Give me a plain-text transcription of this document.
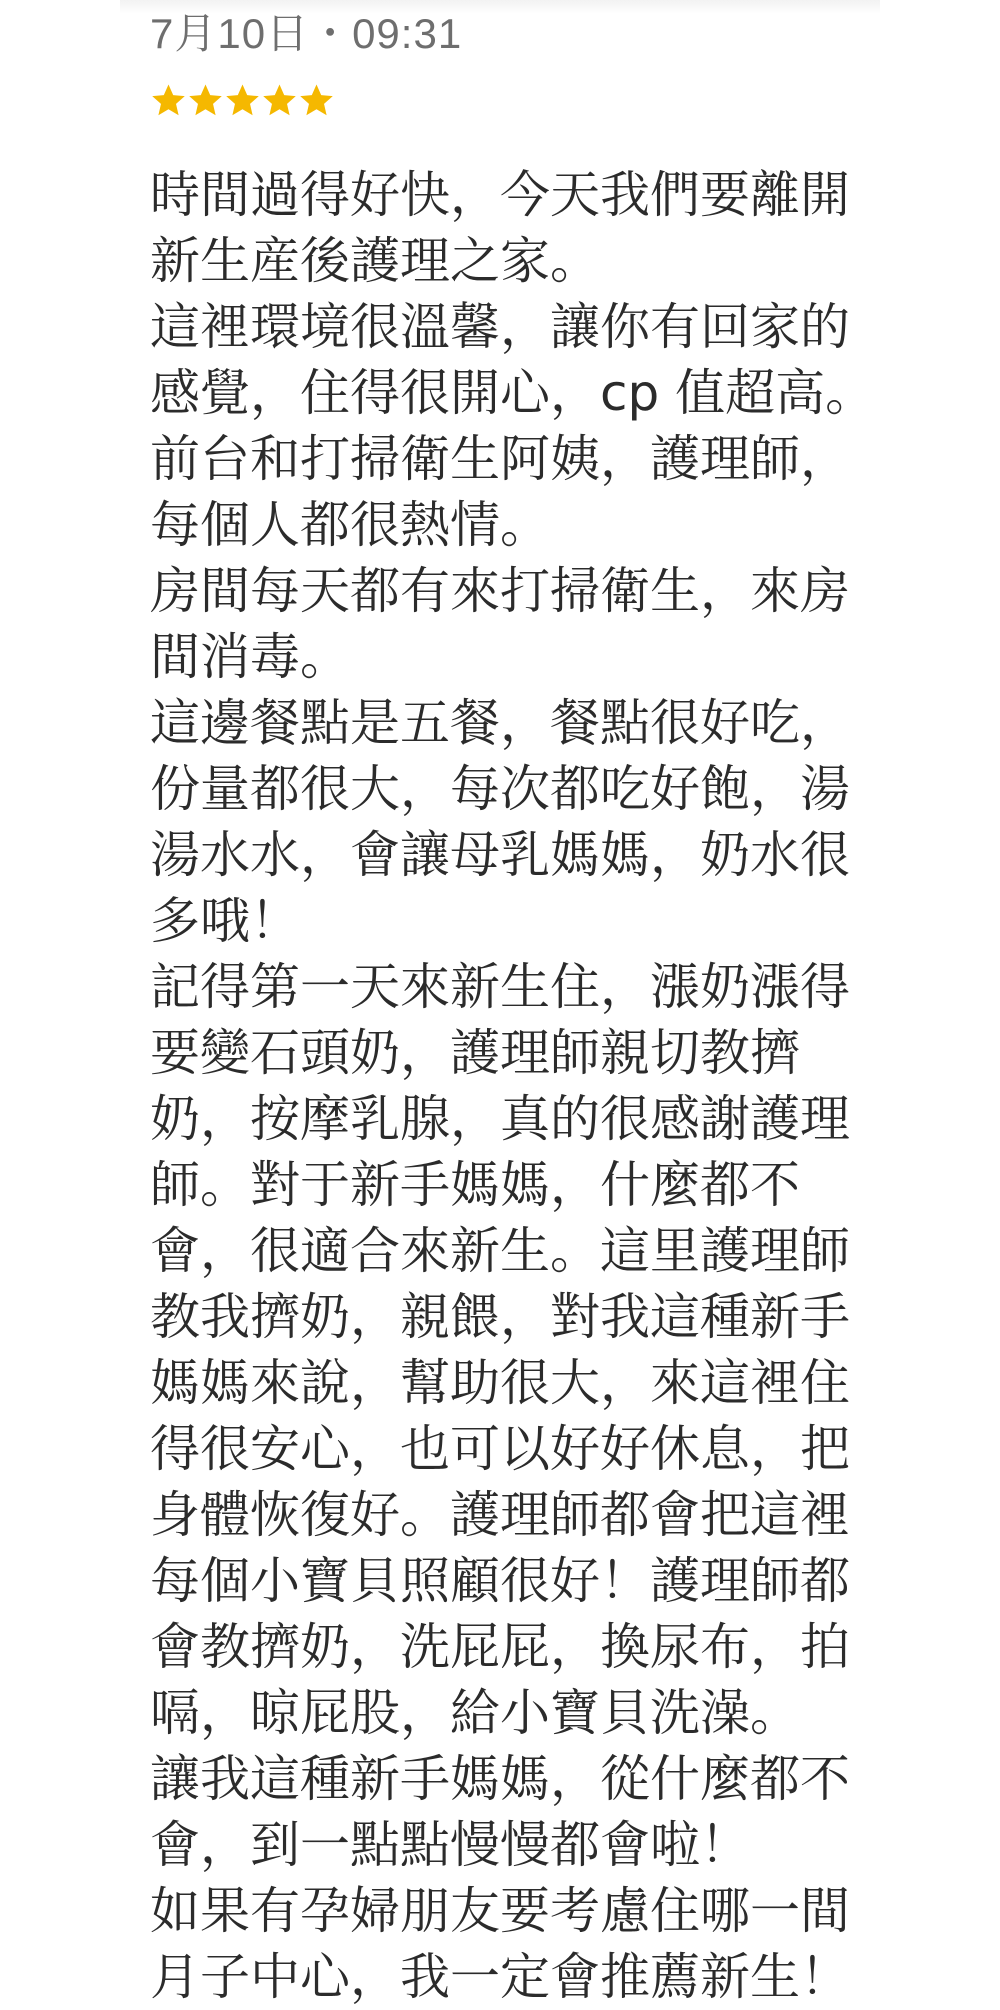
7月10日・09:31
時間過得好快，今天我們要離開
新生産後護理之家。
這裡環境很溫馨，讓你有回家的
感覺，住得很開心，cp 值超高。
前台和打掃衛生阿姨，護理師，
每個人都很熱情。
房間每天都有來打掃衛生，來房
間消毒。
這邊餐點是五餐，餐點很好吃，
份量都很大，每次都吃好飽，湯
湯水水，會讓母乳媽媽，奶水很
多哦！
記得第一天來新生住，漲奶漲得
要變石頭奶，護理師親切教擠
奶，按摩乳腺，真的很感謝護理
師。對于新手媽媽，什麼都不
會，很適合來新生。這里護理師
教我擠奶，親餵，對我這種新手
媽媽來說，幫助很大，來這裡住
得很安心，也可以好好休息，把
身體恢復好。護理師都會把這裡
每個小寶貝照顧很好！護理師都
會教擠奶，洗屁屁，換尿布，拍
嗝，晾屁股，給小寶貝洗澡。
讓我這種新手媽媽，從什麼都不
會，到一點點慢慢都會啦！
如果有孕婦朋友要考慮住哪一間
月子中心，我一定會推薦新生！
